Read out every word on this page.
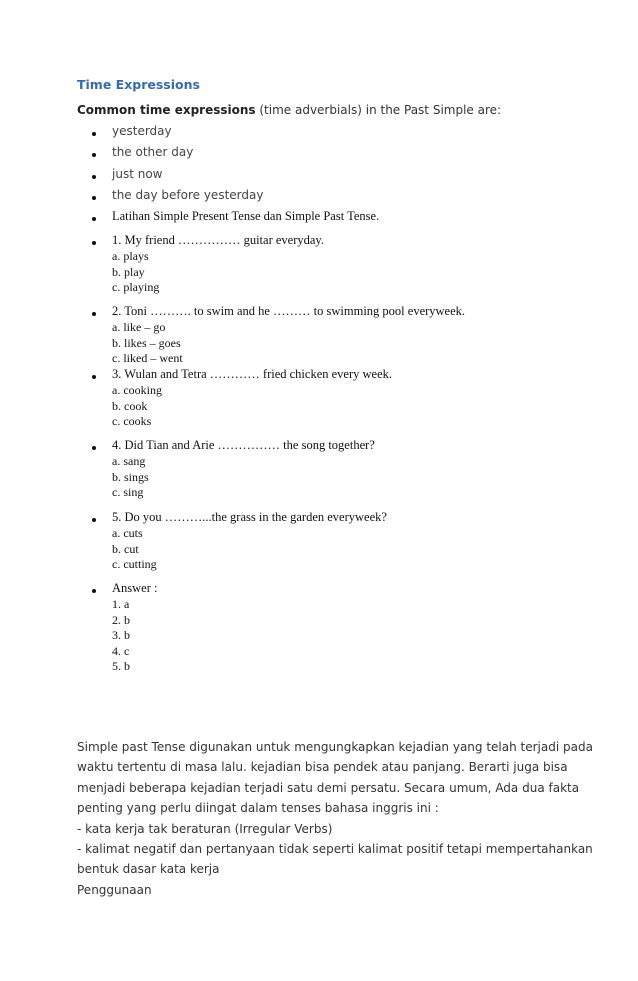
Time Expressions

Common time expressions (time adverbials) in the Past Simple are:

yesterday
the other day
just now
the day before yesterday
Latihan Simple Present Tense dan Simple Past Tense.
1. My friend …………… guitar everyday.
a. plays
b. play
c. playing
2. Toni ………. to swim and he ……… to swimming pool everyweek.
a. like – go
b. likes – goes
c. liked – went
3. Wulan and Tetra ………… fried chicken every week.
a. cooking
b. cook
c. cooks
4. Did Tian and Arie …………… the song together?
a. sang
b. sings
c. sing
5. Do you ………...the grass in the garden everyweek?
a. cuts
b. cut
c. cutting
Answer :
1. a
2. b
3. b
4. c
5. b

Simple past Tense digunakan untuk mengungkapkan kejadian yang telah terjadi pada
waktu tertentu di masa lalu. kejadian bisa pendek atau panjang. Berarti juga bisa
menjadi beberapa kejadian terjadi satu demi persatu. Secara umum, Ada dua fakta
penting yang perlu diingat dalam tenses bahasa inggris ini :
- kata kerja tak beraturan (Irregular Verbs)
- kalimat negatif dan pertanyaan tidak seperti kalimat positif tetapi mempertahankan
bentuk dasar kata kerja
Penggunaan
